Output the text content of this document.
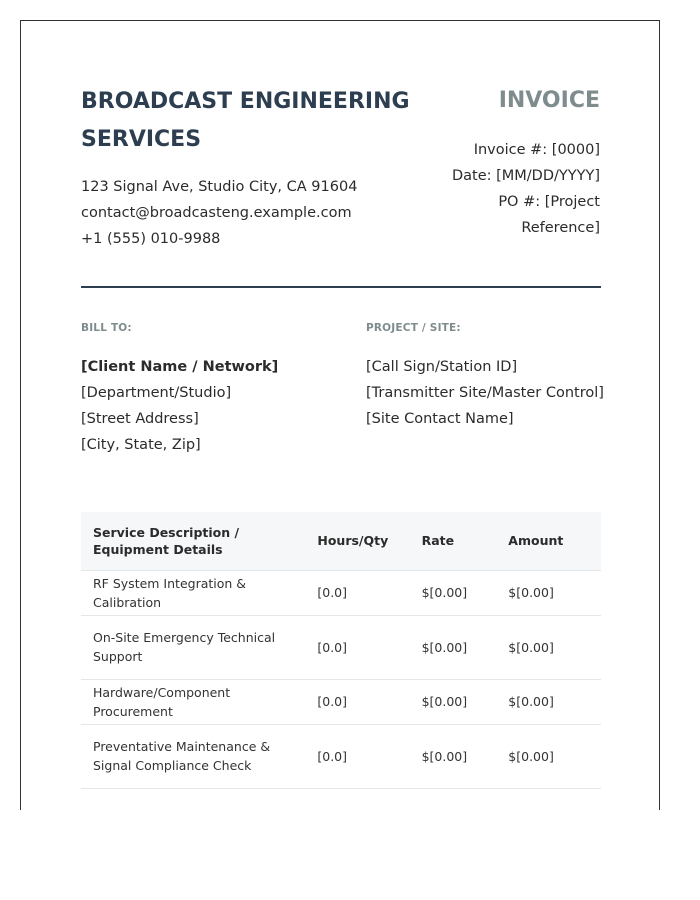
BROADCAST ENGINEERING SERVICES
INVOICE
Invoice #: [0000]
Date: [MM/DD/YYYY]
PO #: [Project
Reference]
123 Signal Ave, Studio City, CA 91604
contact@broadcasteng.example.com
+1 (555) 010-9988
BILL TO:	PROJECT / SITE:
[Client Name / Network]
[Department/Studio]
[Street Address]
[City, State, Zip]
[Call Sign/Station ID]
[Transmitter Site/Master Control]
[Site Contact Name]
Service Description / Equipment Details	Hours/Qty	Rate	Amount
RF System Integration & Calibration	[0.0]	$[0.00]	$[0.00]
On-Site Emergency Technical Support	[0.0]	$[0.00]	$[0.00]
Hardware/Component Procurement	[0.0]	$[0.00]	$[0.00]
Preventative Maintenance & Signal Compliance Check	[0.0]	$[0.00]	$[0.00]
